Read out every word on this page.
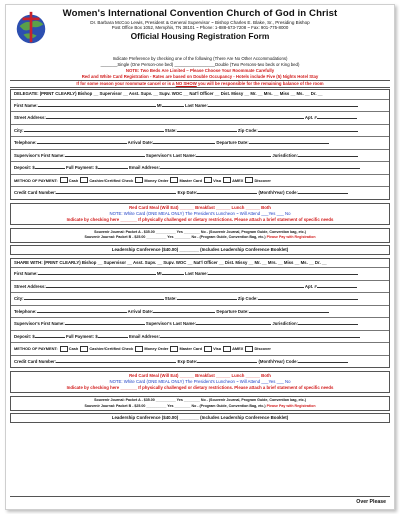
Women's International Convention Church of God in Christ
Dr. Barbara McCoo Lewis, President & General Supervisor ~ Bishop Charles E. Blake, Sr., Presiding Bishop
Post Office Box 1052, Memphis, TN 38101 ~ Phone: 1-888-673-7208 ~ Fax: 901-775-8000
Official Housing Registration Form
Indicate Preference by checking one of the following (There Are No Other Accommodations)
_______Single (One Person-one bed) _________________Double (Two Persons-two beds or King bed)
NOTE: Two Beds Are Limited ~ Please Choose Your Roommate Carefully
Red and White Card Registration - Rates are based on Double Occupancy - Hotels include Five (5) Nights Hotel Stay
If for some reason your roommate cancel or is a NO SHOW you will be responsible for the remaining balance of the room
DELEGATE: (PRINT CLEARLY) Bishop __ Supervisor __ Asst. Supv. __ Supv. WOC __ Nat'l Officer __ Dist. Missy __ Mr. __ Mrs. __ Miss __ Ms. __ Dr. __
First Name:	MI	Last Name:
Street Address:	Apt. #
City:	State:	Zip Code:
Telephone:	Arrival Date:	Departure Date:
Supervisor's First Name:	Supervisor's Last Name:	Jurisdiction:
Deposit: $	Full Payment: $	Email Address:
METHOD OF PAYMENT:	Cash	Cashier/Certified Check	Money Order	Master Card	Visa	AMEX	Discover
Credit Card Number:	Exp Date:	(Month/Year) Code:
Red Card Meal (Will Eat) ______ Breakfast ______ Lunch ______ Both
NOTE: White Card (ONE MEAL ONLY) The President's Luncheon ~ Will Attend ___Yes ___ No
Indicate by checking here _______ If physically challenged or dietary restrictions. Please attach a brief statement of specific needs
Souvenir Journal: Packet A - $35.00 __________ Yes ________ No - (Souvenir Journal, Program Guide, Convention bag, etc.)
Souvenir Journal: Packet B - $25.00 __________ Yes ________ No - (Program Guide, Convention Bag, etc.) Please Pay with Registration
Leadership Conference ($40.00) ________ (Includes Leadership Conference Booklet)
SHARE WITH: (PRINT CLEARLY) Bishop __ Supervisor __ Asst. Supv. __ Supv. WOC __ Nat'l Officer __ Dist. Missy __ Mr. __ Mrs. __ Miss __ Ms. __ Dr. __
First Name:	MI	Last Name:
Street Address:	Apt. #
City:	State:	Zip Code:
Telephone:	Arrival Date:	Departure Date:
Supervisor's First Name:	Supervisor's Last Name:	Jurisdiction:
Deposit: $	Full Payment: $	Email Address:
METHOD OF PAYMENT:	Cash	Cashier/Certified Check	Money Order	Master Card	Visa	AMEX	Discover
Credit Card Number:	Exp Date:	(Month/Year) Code:
Red Card Meal (Will Eat) ______ Breakfast ______ Lunch ______ Both
NOTE: White Card (ONE MEAL ONLY) The President's Luncheon ~ Will Attend ___Yes ___ No
Indicate by checking here _______ If physically challenged or dietary restrictions. Please attach a brief statement of specific needs
Souvenir Journal: Packet A - $35.00 __________ Yes ________ No - (Souvenir Journal, Program Guide, Convention bag, etc.)
Souvenir Journal: Packet B - $25.00 __________ Yes ________ No - (Program Guide, Convention Bag, etc.) Please Pay with Registration
Leadership Conference ($40.00) ________ (Includes Leadership Conference Booklet)
Over Please
